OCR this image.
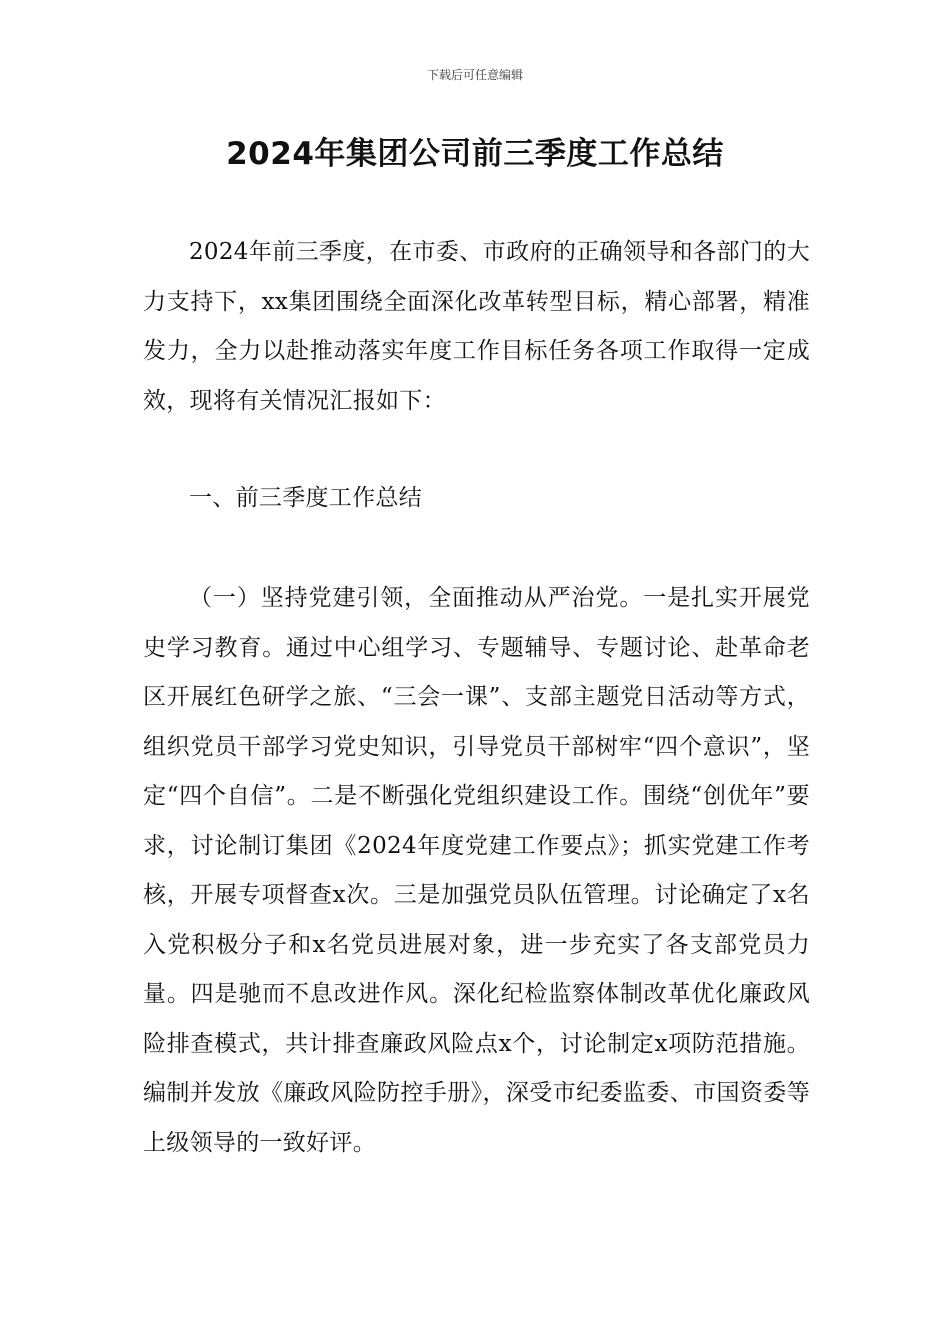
下载后可任意编辑
2024年集团公司前三季度工作总结

2024年前三季度，在市委、市政府的正确领导和各部门的大力支持下，xx集团围绕全面深化改革转型目标，精心部署，精准发力，全力以赴推动落实年度工作目标任务各项工作取得一定成效，现将有关情况汇报如下：

一、前三季度工作总结

（一）坚持党建引领，全面推动从严治党。一是扎实开展党史学习教育。通过中心组学习、专题辅导、专题讨论、赴革命老区开展红色研学之旅、“三会一课”、支部主题党日活动等方式，组织党员干部学习党史知识，引导党员干部树牢“四个意识”，坚定“四个自信”。二是不断强化党组织建设工作。围绕“创优年”要求，讨论制订集团《2024年度党建工作要点》；抓实党建工作考核，开展专项督查x次。三是加强党员队伍管理。讨论确定了x名入党积极分子和x名党员进展对象，进一步充实了各支部党员力量。四是驰而不息改进作风。深化纪检监察体制改革优化廉政风险排查模式，共计排查廉政风险点x个，讨论制定x项防范措施。编制并发放《廉政风险防控手册》，深受市纪委监委、市国资委等上级领导的一致好评。
